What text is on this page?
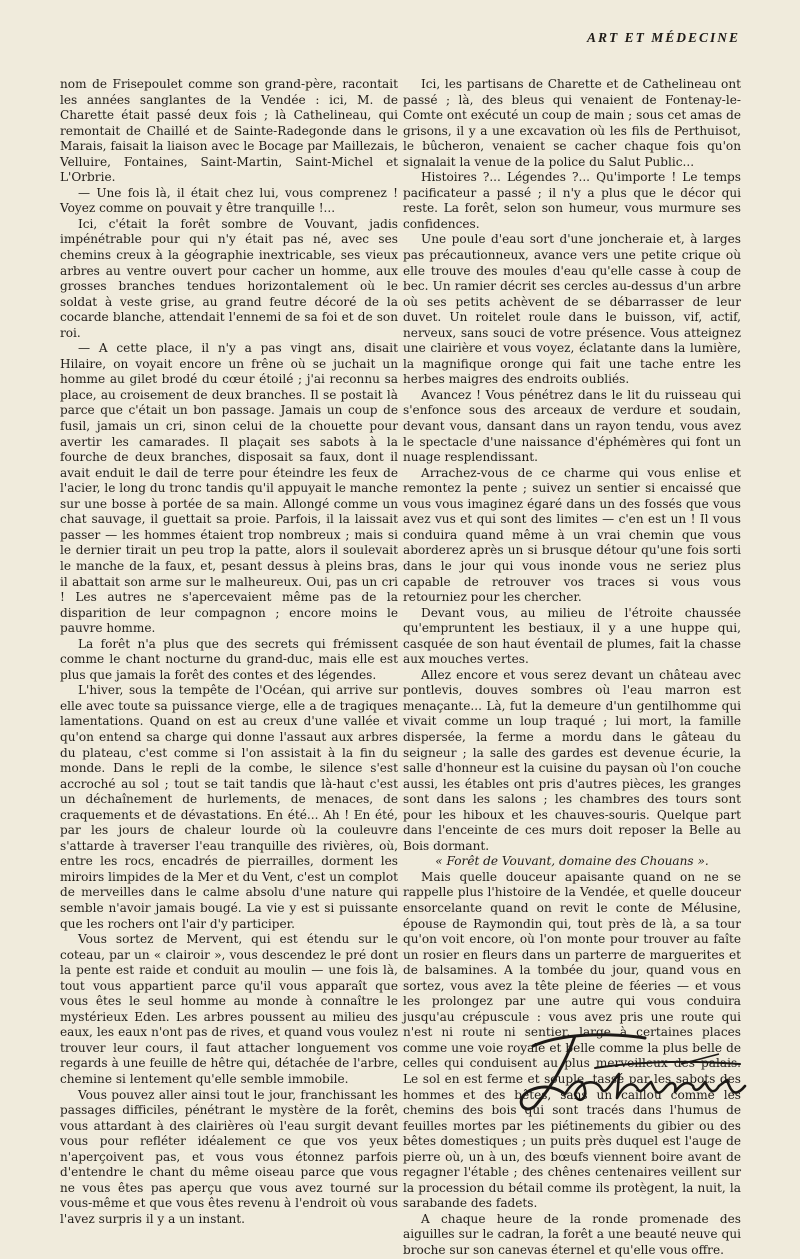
ART ET MÉDECINE

nom de Frisepoulet comme son grand-père, racontait les années sanglantes de la Vendée : ici, M. de Charette était passé deux fois ; là Cathelineau, qui remontait de Chaillé et de Sainte-Radegonde dans le Marais, faisait la liaison avec le Bocage par Maillezais, Velluire, Fontaines, Saint-Martin, Saint-Michel et L'Orbrie.

— Une fois là, il était chez lui, vous comprenez ! Voyez comme on pouvait y être tranquille !...

Ici, c'était la forêt sombre de Vouvant, jadis impénétrable pour qui n'y était pas né, avec ses chemins creux à la géographie inextricable, ses vieux arbres au ventre ouvert pour cacher un homme, aux grosses branches tendues horizontalement où le soldat à veste grise, au grand feutre décoré de la cocarde blanche, attendait l'ennemi de sa foi et de son roi.

— A cette place, il n'y a pas vingt ans, disait Hilaire, on voyait encore un frêne où se juchait un homme au gilet brodé du cœur étoilé ; j'ai reconnu sa place, au croisement de deux branches. Il se postait là parce que c'était un bon passage. Jamais un coup de fusil, jamais un cri, sinon celui de la chouette pour avertir les camarades. Il plaçait ses sabots à la fourche de deux branches, disposait sa faux, dont il avait enduit le dail de terre pour éteindre les feux de l'acier, le long du tronc tandis qu'il appuyait le manche sur une bosse à portée de sa main. Allongé comme un chat sauvage, il guettait sa proie. Parfois, il la laissait passer — les hommes étaient trop nombreux ; mais si le dernier tirait un peu trop la patte, alors il soulevait le manche de la faux, et, pesant dessus à pleins bras, il abattait son arme sur le malheureux. Oui, pas un cri ! Les autres ne s'apercevaient même pas de la disparition de leur compagnon ; encore moins le pauvre homme.

La forêt n'a plus que des secrets qui frémissent comme le chant nocturne du grand-duc, mais elle est plus que jamais la forêt des contes et des légendes.

L'hiver, sous la tempête de l'Océan, qui arrive sur elle avec toute sa puissance vierge, elle a de tragiques lamentations. Quand on est au creux d'une vallée et qu'on entend sa charge qui donne l'assaut aux arbres du plateau, c'est comme si l'on assistait à la fin du monde. Dans le repli de la combe, le silence s'est accroché au sol ; tout se tait tandis que là-haut c'est un déchaînement de hurlements, de menaces, de craquements et de dévastations. En été... Ah ! En été, par les jours de chaleur lourde où la couleuvre s'attarde à traverser l'eau tranquille des rivières, où, entre les rocs, encadrés de pierrailles, dorment les miroirs limpides de la Mer et du Vent, c'est un complot de merveilles dans le calme absolu d'une nature qui semble n'avoir jamais bougé. La vie y est si puissante que les rochers ont l'air d'y participer.

Vous sortez de Mervent, qui est étendu sur le coteau, par un « clairoir », vous descendez le pré dont la pente est raide et conduit au moulin — une fois là, tout vous appartient parce qu'il vous apparaît que vous êtes le seul homme au monde à connaître le mystérieux Eden. Les arbres poussent au milieu des eaux, les eaux n'ont pas de rives, et quand vous voulez trouver leur cours, il faut attacher longuement vos regards à une feuille de hêtre qui, détachée de l'arbre, chemine si lentement qu'elle semble immobile.

Vous pouvez aller ainsi tout le jour, franchissant les passages difficiles, pénétrant le mystère de la forêt, vous attardant à des clairières où l'eau surgit devant vous pour refléter idéalement ce que vos yeux n'aperçoivent pas, et vous vous étonnez parfois d'entendre le chant du même oiseau parce que vous ne vous êtes pas aperçu que vous avez tourné sur vous-même et que vous êtes revenu à l'endroit où vous l'avez surpris il y a un instant.

Ici, les partisans de Charette et de Cathelineau ont passé ; là, des bleus qui venaient de Fontenay-le-Comte ont exécuté un coup de main ; sous cet amas de grisons, il y a une excavation où les fils de Perthuisot, le bûcheron, venaient se cacher chaque fois qu'on signalait la venue de la police du Salut Public...

Histoires ?... Légendes ?... Qu'importe ! Le temps pacificateur a passé ; il n'y a plus que le décor qui reste. La forêt, selon son humeur, vous murmure ses confidences.

Une poule d'eau sort d'une joncheraie et, à larges pas précautionneux, avance vers une petite crique où elle trouve des moules d'eau qu'elle casse à coup de bec. Un ramier décrit ses cercles au-dessus d'un arbre où ses petits achèvent de se débarrasser de leur duvet. Un roitelet roule dans le buisson, vif, actif, nerveux, sans souci de votre présence. Vous atteignez une clairière et vous voyez, éclatante dans la lumière, la magnifique oronge qui fait une tache entre les herbes maigres des endroits oubliés.

Avancez ! Vous pénétrez dans le lit du ruisseau qui s'enfonce sous des arceaux de verdure et soudain, devant vous, dansant dans un rayon tendu, vous avez le spectacle d'une naissance d'éphémères qui font un nuage resplendissant.

Arrachez-vous de ce charme qui vous enlise et remontez la pente ; suivez un sentier si encaissé que vous vous imaginez égaré dans un des fossés que vous avez vus et qui sont des limites — c'en est un ! Il vous conduira quand même à un vrai chemin que vous aborderez après un si brusque détour qu'une fois sorti dans le jour qui vous inonde vous ne seriez plus capable de retrouver vos traces si vous vous retourniez pour les chercher.

Devant vous, au milieu de l'étroite chaussée qu'empruntent les bestiaux, il y a une huppe qui, casquée de son haut éventail de plumes, fait la chasse aux mouches vertes.

Allez encore et vous serez devant un château avec pontlevis, douves sombres où l'eau marron est menaçante... Là, fut la demeure d'un gentilhomme qui vivait comme un loup traqué ; lui mort, la famille dispersée, la ferme a mordu dans le gâteau du seigneur ; la salle des gardes est devenue écurie, la salle d'honneur est la cuisine du paysan où l'on couche aussi, les étables ont pris d'autres pièces, les granges sont dans les salons ; les chambres des tours sont pour les hiboux et les chauves-souris. Quelque part dans l'enceinte de ces murs doit reposer la Belle au Bois dormant.

« Forêt de Vouvant, domaine des Chouans ».

Mais quelle douceur apaisante quand on ne se rappelle plus l'histoire de la Vendée, et quelle douceur ensorcelante quand on revit le conte de Mélusine, épouse de Raymondin qui, tout près de là, a sa tour qu'on voit encore, où l'on monte pour trouver au faîte un rosier en fleurs dans un parterre de marguerites et de balsamines. A la tombée du jour, quand vous en sortez, vous avez la tête pleine de féeries — et vous les prolongez par une autre qui vous conduira jusqu'au crépuscule : vous avez pris une route qui n'est ni route ni sentier, large à certaines places comme une voie royale et belle comme la plus belle de celles qui conduisent au plus merveilleux des palais. Le sol en est ferme et souple, tassé par les sabots des hommes et des bêtes, sans un caillou comme les chemins des bois qui sont tracés dans l'humus de feuilles mortes par les piétinements du gibier ou des bêtes domestiques ; un puits près duquel est l'auge de pierre où, un à un, des bœufs viennent boire avant de regagner l'étable ; des chênes centenaires veillent sur la procession du bétail comme ils protègent, la nuit, la sarabande des fadets.

A chaque heure de la ronde promenade des aiguilles sur le cadran, la forêt a une beauté neuve qui broche sur son canevas éternel et qu'elle vous offre.
